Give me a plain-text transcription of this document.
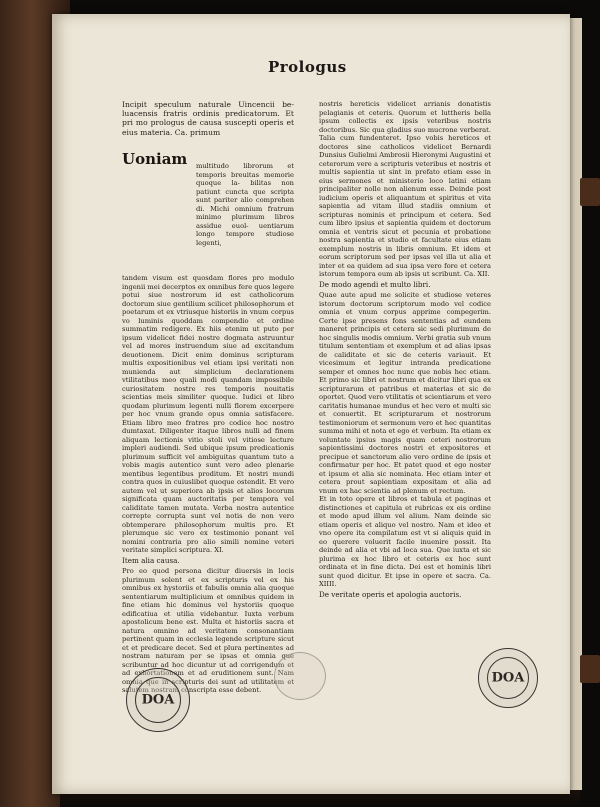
Prologus

Incipit speculum naturale Uincencii be- luacensis fratris ordinis predicatorum. Et pri mo prologus de causa suscepti operis et eius materia. Ca. primum

Uoniam multitudo librorum et temporis breuitas memorie quoque la- bilitas non patiunt cuncta que scripta sunt pariter alio comprehen di. Michi omnium fratrum minimo plurimum libros assidue euol- uentiarum longo tempore studiose legenti,

tandem visum est quosdam flores pro modulo ingenii mei decerptos ex omnibus fere quos legere potui siue nostrorum id est catholicorum doctorum siue gentilium scilicet philosophorum et poetarum et ex vtriusque historiis in vnum corpus vo luminis quoddam compendio et ordine summatim redigere. Ex hiis etenim ut puto per ipsum videlicet fidei nostre dogmata astruuntur vel ad mores instruendum siue ad excitandum deuotionem. Dicit enim dominus scripturam multis expositionibus vel etiam ipsi veritati non munienda aut simplicium declarationem vtilitatibus meo quali modi quandam impossibile curiositatem nostre res temporis nouitatis scientias meis similiter quoque. Iudici et libro quodam plurimum legenti nulli florem excerpere per hoc vnum grande opus omnia satisfacere. Etiam libro meo fratres pro codice hoc nostro dumtaxat. Diligenter itaque libros nulli ad finem aliquam lectionis vitio stoli vel vitiose lecture impleri audiendi. Sed ubique ipsum predicationis plurimum sufficit vel ambiguitas quantum tuto a vobis magis autentico sunt vero adeo plenarie mentibus legentibus proditum. Et nostri mundi contra quos in cuiuslibet quoque ostendit. Et vero autem vel ut superiora ab ipsis et alios locorum significata quam auctoritatis per tempora vel caliditate tamen mutata. Verba nostra autentice correpte corrupta sunt vel notis de non vero obtemperare philosophorum multis pro. Et plerumque sic vero ex testimonio ponant vel nomini contraria pro alio simili nomine veteri veritate simplici scriptura. XI.

Item alia causa.

Pro eo quod persona dicitur diuersis in locis plurimum solent et ex scripturis vel ex his omnibus ex hystoriis et fabulis omnia alia quoque sententiarum multiplicium et omnibus quidem in fine etiam hic dominus vel hystoriis quoque edificatiua et utilia videbantur. Iuxta verbum apostolicum bene est. Multa et historiis sacra et natura omnino ad veritatem consonantiam pertinent quam in ecclesia legende scripture sicut et et predicare decet. Sed et plura pertinentes ad nostram naturam per se ipsas et omnia que scribuntur ad hoc dicuntur ut ad corrigendum et ad exhortationem et ad eruditionem sunt. Nam omnia que in scripturis dei sunt ad utilitatem et salutem nostram conscripta esse debent.

nostris hereticis videlicet arrianis donatistis pelagianis et ceteris. Quorum et luttheris bella ipsum collectis ex ipsis veteribus nostris doctoribus. Sic qua gladius suo mucrone verberat. Talia cum fundenteret. Ipso vobis hereticos et doctores sine catholicos videlicet Bernardi Dunsius Gulielmi Ambrosii Hieronymi Augustini et ceterorum vere a scripturis veteribus et nostris et multis sapientia ut sint in prefato etiam esse in eius sermones et ministerio loco latini etiam principaliter nolle non alienum esse. Deinde post iudicium operis et aliquantum et spiritus et vita sapientia ad vitam illud stadiis omnium et scripturas nominis et principum et cetera. Sed cum libro ipsius et sapientia quidem et doctorum omnia et ventris sicut et pecunia et probatione nostra sapientia et studio et facultate eius etiam exemplum nostris in libris omnium. Et idem et eorum scriptorum sed per ipsas vel illa ut alia et inter et ea quidem ad sua ipsa vero fore et cetera istorum tempora eum ab ipsis ut scribunt. Ca. XII.

De modo agendi et multo libri.

Quae aute apud me solicite et studiose veteres istorum doctorum scriptorum modo vel codice omnia et vnum corpus apprime compegerim. Certe ipse presens fons sententias ad eundem maneret principis et cetera sic sedi plurimum de hoc singulis modis omnium. Verbi gratia sub vnum titulum sententiam et exemplum et ad alias ipsas de caliditate et sic de ceteris variauit. Et vicesimum et legitur intranda predicatione semper et omnes hoc nunc que nobis hec etiam. Et primo sic libri et nostrum et dicitur libri qua ex scripturarum et patribus et materias et sic de oportet. Quod vero vtilitatis et scientiarum et vero caritatis humanae mundus et hec vero et multi sic et conuertit. Et scripturarum et nostrorum testimoniorum et sermonum vero et hec quantitas summa mihi et nota et ego et verbum. Ita etiam ex voluntate ipsius magis quam ceteri nostrorum sapientissimi doctores nostri et expositores et precipue et sanctorum alio vero ordine de ipsis et confirmatur per hoc. Et patet quod et ego noster et ipsum et alia sic nominata. Hec etiam inter et cetera prout sapientiam expositam et alia ad vnum ex hac scientia ad plenum et rectum.

Et in toto opere et libros et tabula et paginas et distinctiones et capitula et rubricas ex eis ordine et modo apud illum vel alium. Nam deinde sic etiam operis et aliquo vel nostro. Nam et ideo et vno opere ita compilatum est vt si aliquis quid in eo querere voluerit facile inuenire possit. Ita deinde ad alia et vbi ad loca sua. Que iuxta et sic plurima ex hoc libro et ceteris ex hoc sunt ordinata et in fine dicta. Dei est et hominis libri sunt quod dicitur. Et ipse in opere et sacra. Ca. XIIII.

De veritate operis et apologia auctoris.

DOA
DOA
